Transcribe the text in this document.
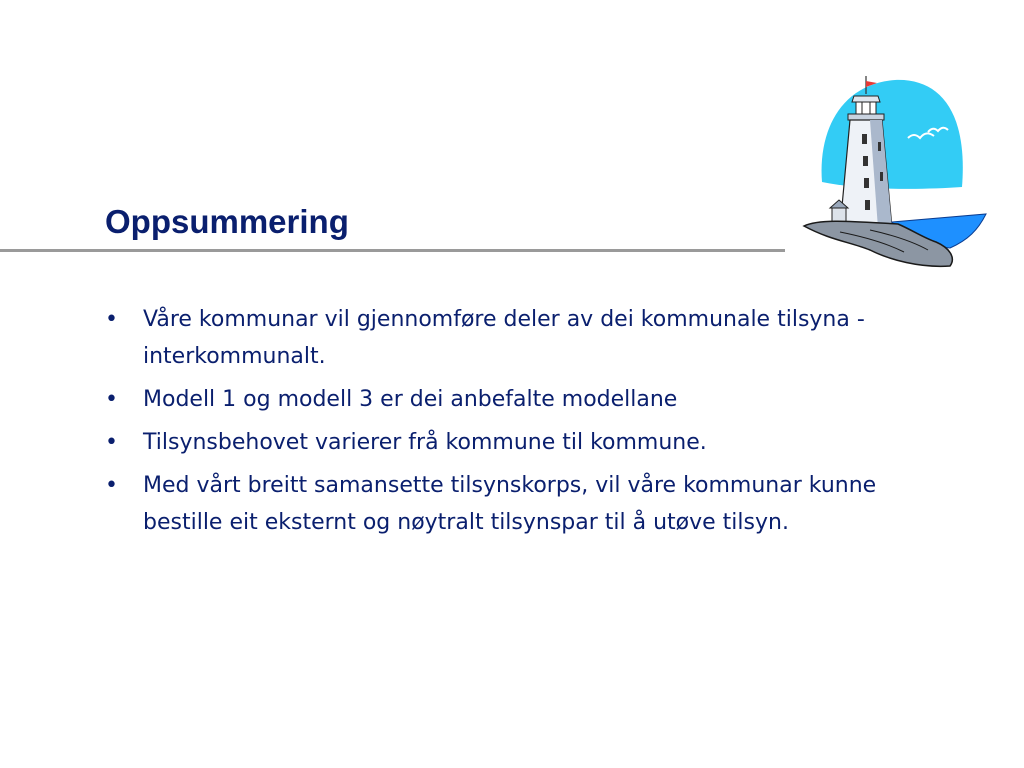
Oppsummering
•	Våre kommunar vil gjennomføre deler av dei kommunale tilsyna - interkommunalt.
•	Modell 1 og modell 3 er dei anbefalte modellane
•	Tilsynsbehovet varierer frå kommune til kommune.
•	Med vårt breitt samansette tilsynskorps, vil våre kommunar kunne bestille eit eksternt og nøytralt tilsynspar til å utøve tilsyn.
